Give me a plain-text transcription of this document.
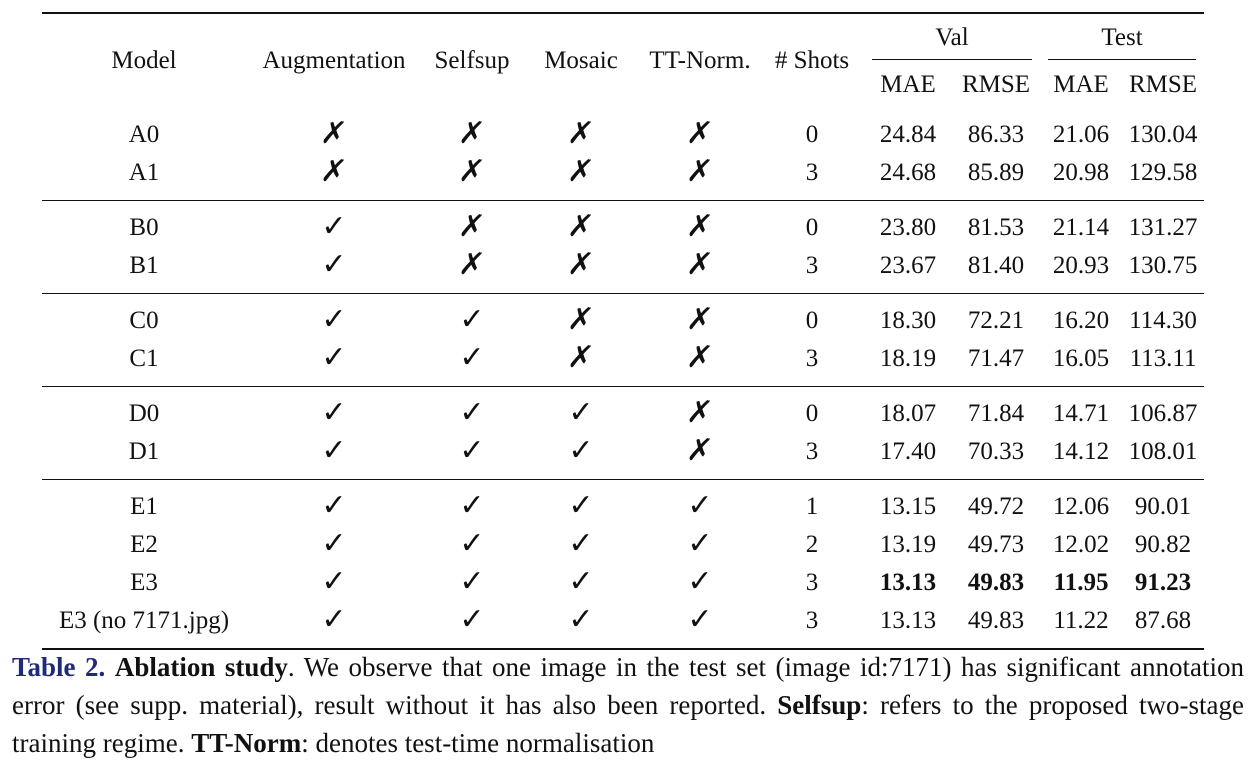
Model	Augmentation	Selfsup	Mosaic	TT-Norm.	# Shots	Val		Test	

						MAE	RMSE	MAE	RMSE
A0	✗	✗	✗	✗	0	24.84	86.33	21.06	130.04
A1	✗	✗	✗	✗	3	24.68	85.89	20.98	129.58
B0	✓	✗	✗	✗	0	23.80	81.53	21.14	131.27
B1	✓	✗	✗	✗	3	23.67	81.40	20.93	130.75
C0	✓	✓	✗	✗	0	18.30	72.21	16.20	114.30
C1	✓	✓	✗	✗	3	18.19	71.47	16.05	113.11
D0	✓	✓	✓	✗	0	18.07	71.84	14.71	106.87
D1	✓	✓	✓	✗	3	17.40	70.33	14.12	108.01
E1	✓	✓	✓	✓	1	13.15	49.72	12.06	90.01
E2	✓	✓	✓	✓	2	13.19	49.73	12.02	90.82
E3	✓	✓	✓	✓	3	13.13	49.83	11.95	91.23
E3 (no 7171.jpg)	✓	✓	✓	✓	3	13.13	49.83	11.22	87.68

Table 2. Ablation study. We observe that one image in the test set (image id:7171) has significant annotation error (see supp. material), result without it has also been reported. Selfsup: refers to the proposed two-stage training regime. TT-Norm: denotes test-time normalisation
